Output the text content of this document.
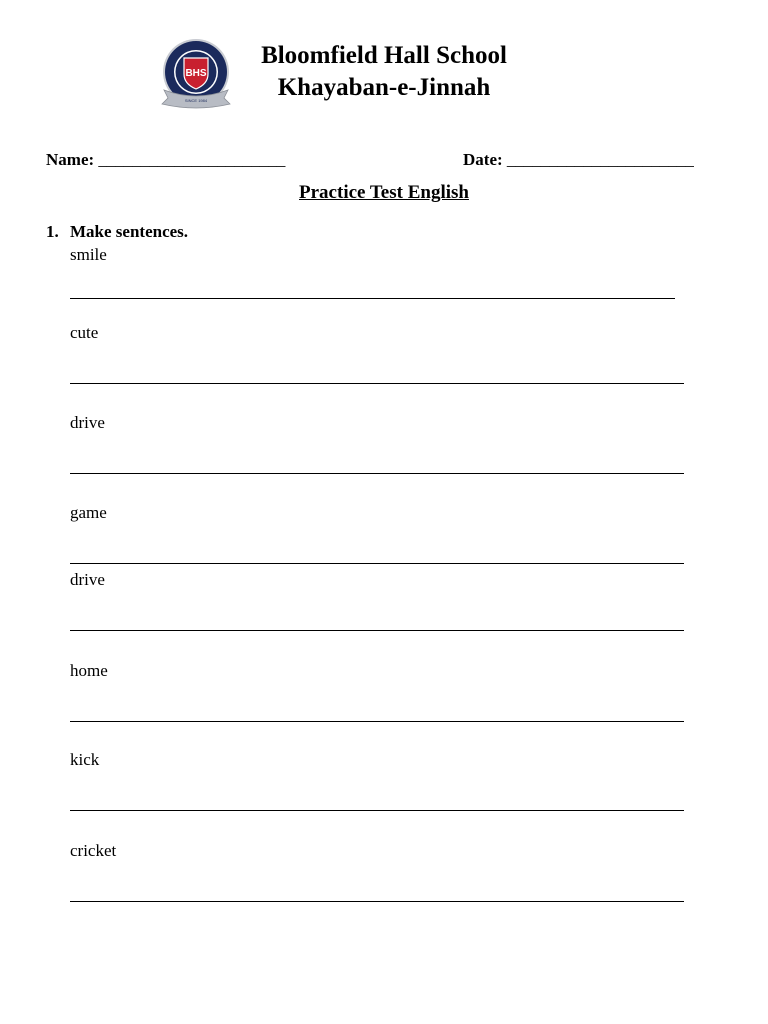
BHS
SINCE 1984
Bloomfield Hall School
Khayaban-e-Jinnah
Name: ______________________	Date: ______________________
Practice Test English
1. Make sentences.
smile
cute
drive
game
drive
home
kick
cricket
